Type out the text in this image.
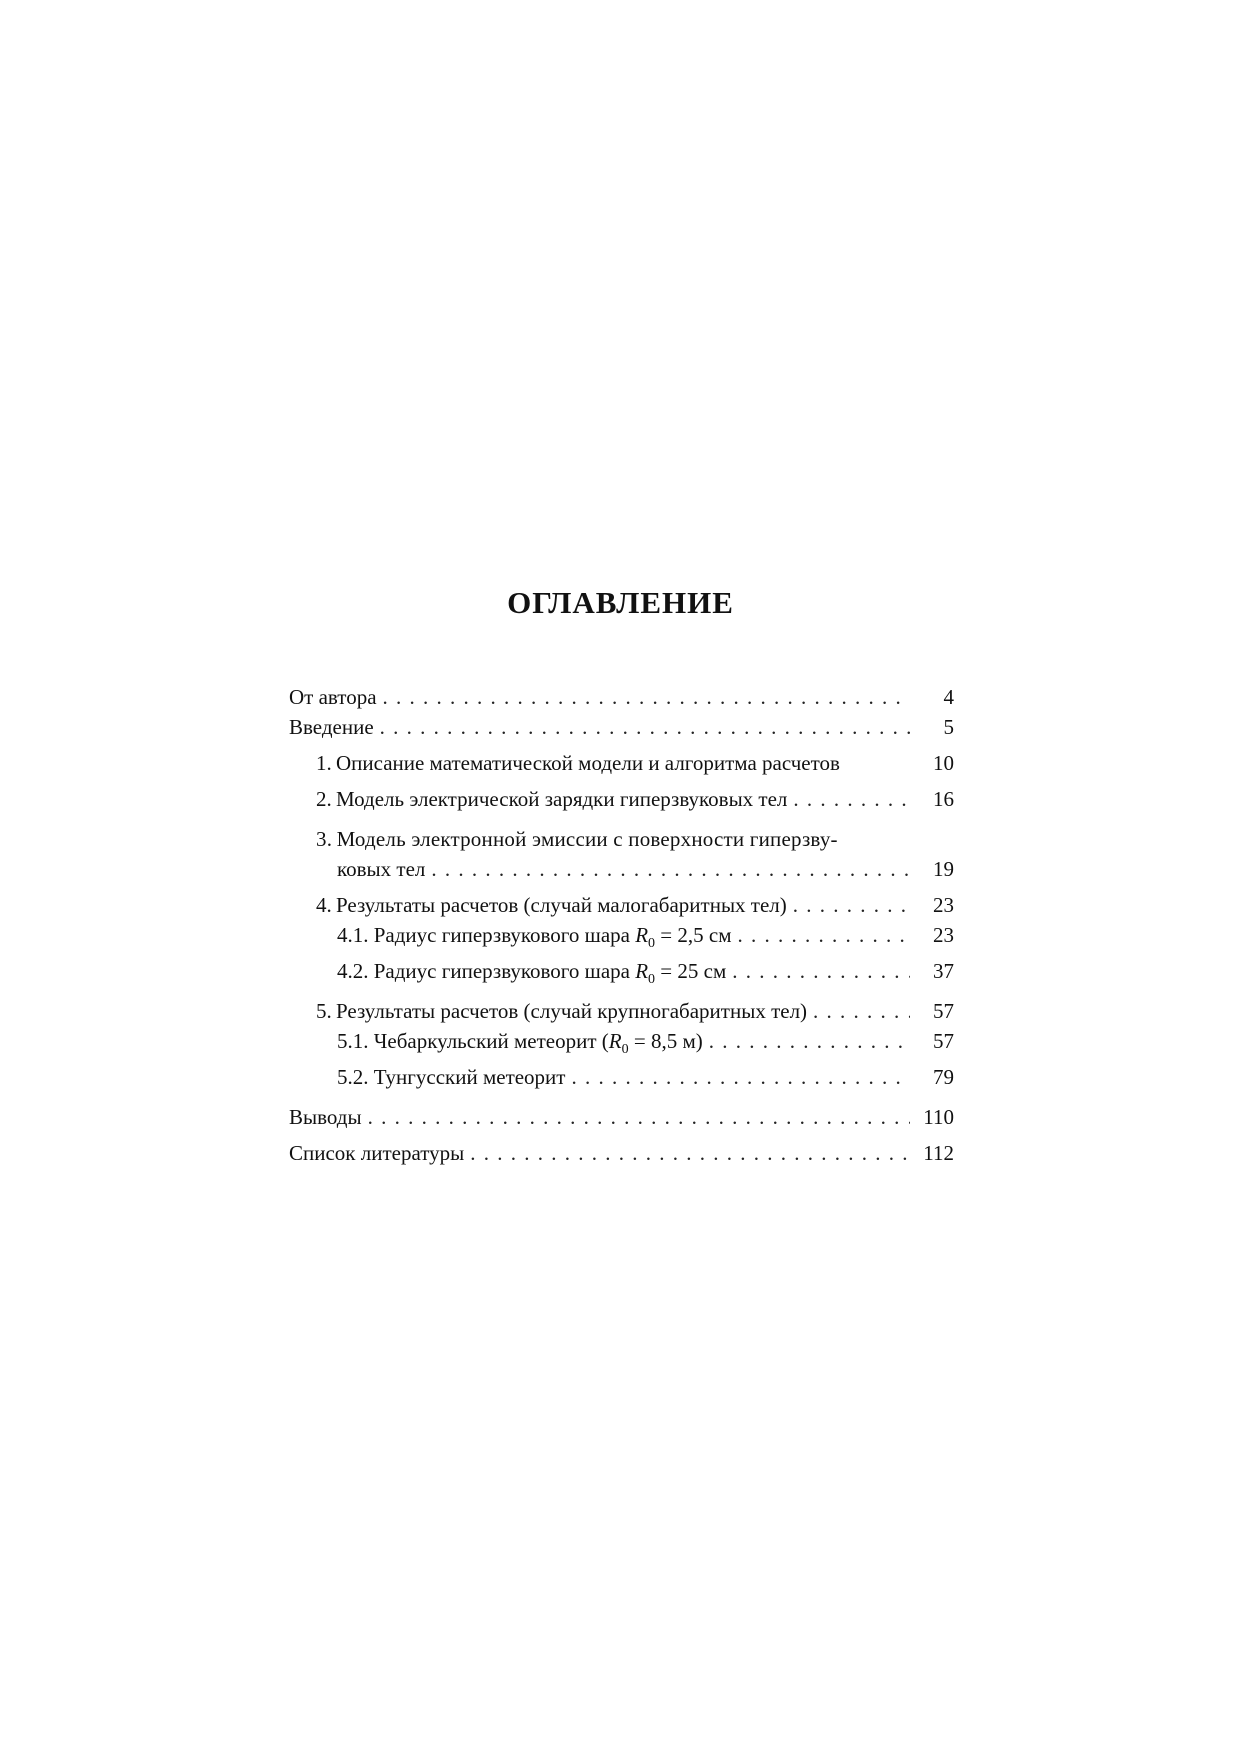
ОГЛАВЛЕНИЕ
От автора . . .	4
Введение . . .	5
1.  Описание математической модели и алгоритма расчетов	10
2.  Модель электрической зарядки гиперзвуковых тел . . .	16
3.  Модель электронной эмиссии с поверхности гиперзву-
ковых тел . . .	19
4.  Результаты расчетов (случай малогабаритных тел) . . .	23
4.1. Радиус гиперзвукового шара $R_0 = 2,5$ см . . .	23
4.2. Радиус гиперзвукового шара $R_0 = 25$ см . . .	37
5.  Результаты расчетов (случай крупногабаритных тел) . . .	57
5.1. Чебаркульский метеорит ($R_0 = 8,5$ м) . . .	57
5.2. Тунгусский метеорит . . .	79
Выводы . . .	110
Список литературы . . .	112
